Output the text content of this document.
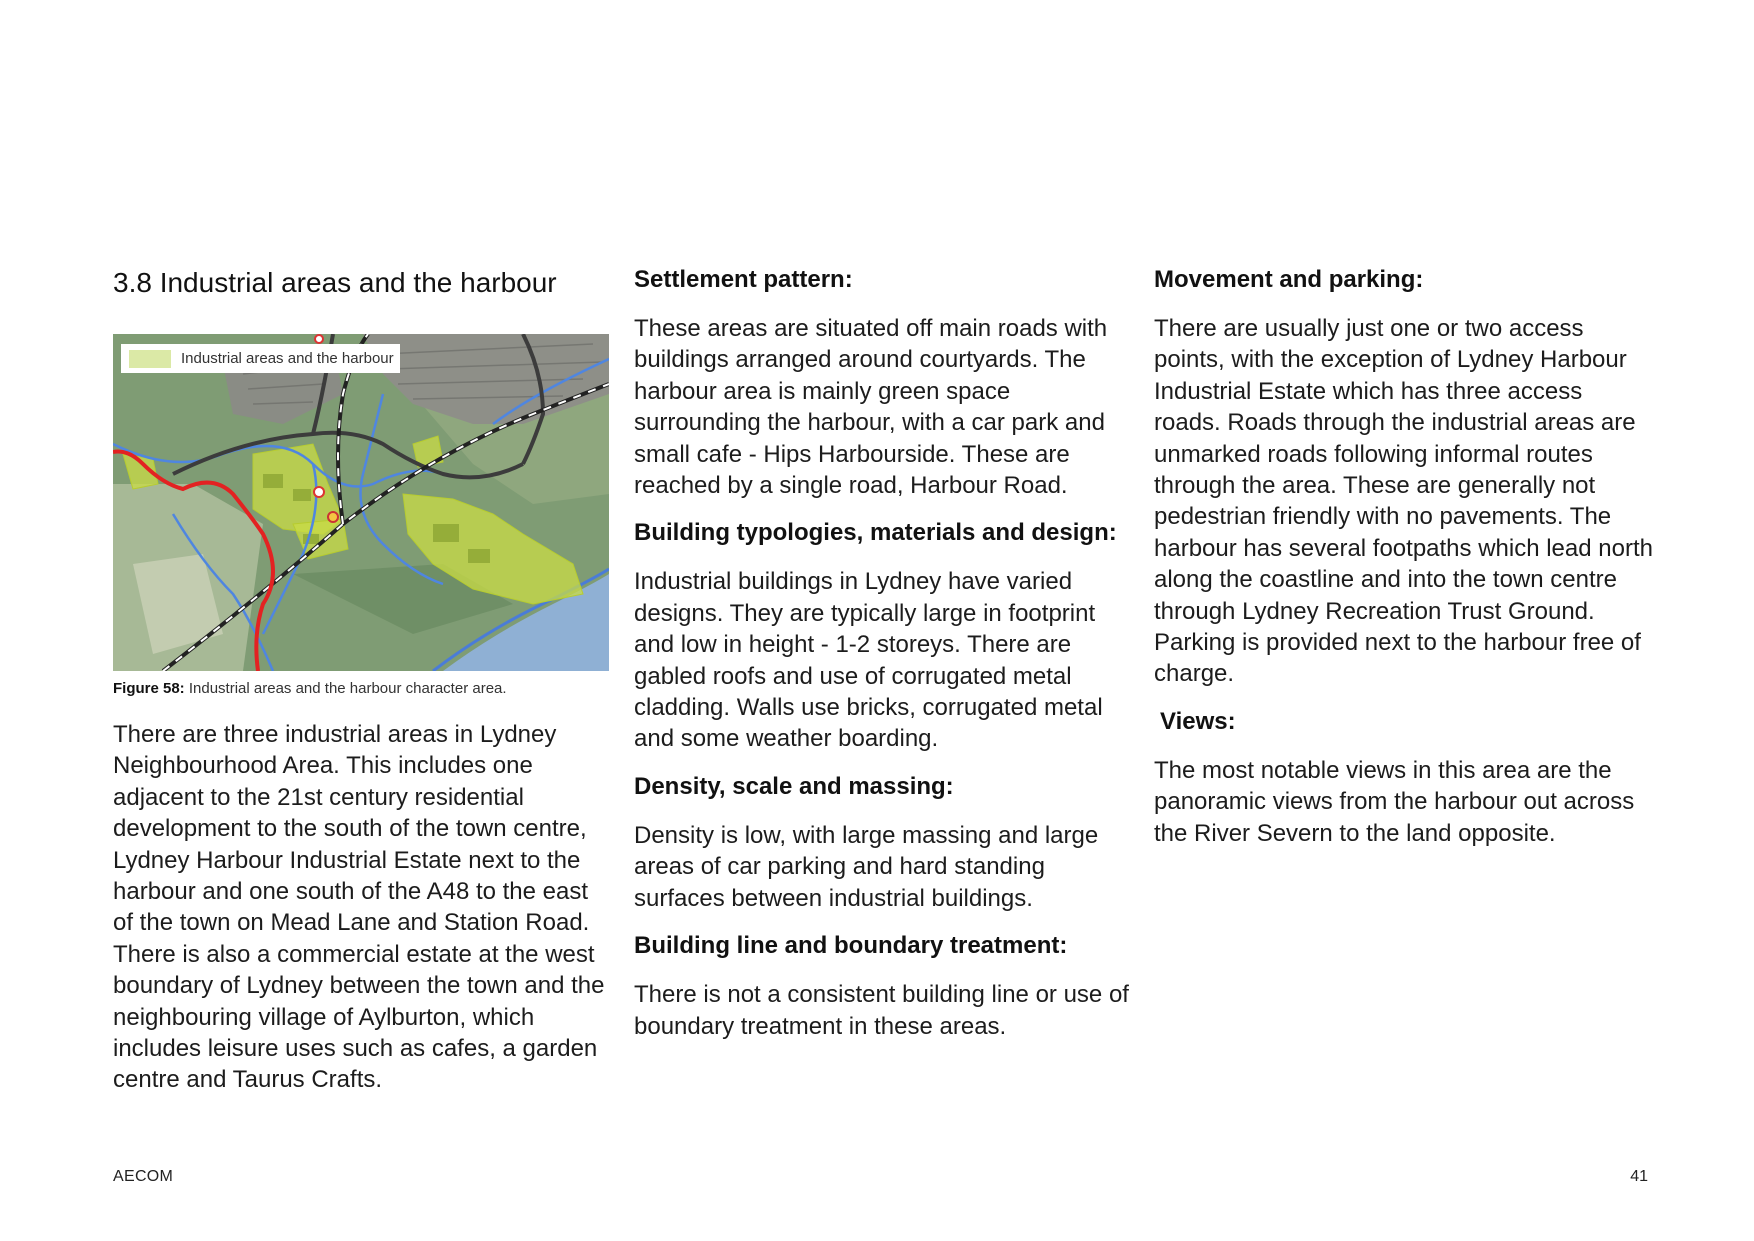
3.8 Industrial areas and the harbour
Industrial areas and the harbour
Figure 58: Industrial areas and the harbour character area.

There are three industrial areas in Lydney Neighbourhood Area. This includes one adjacent to the 21st century residential development to the south of the town centre, Lydney Harbour Industrial Estate next to the harbour and one south of the A48 to the east of the town on Mead Lane and Station Road. There is also a commercial estate at the west boundary of Lydney between the town and the neighbouring village of Aylburton, which includes leisure uses such as cafes, a garden centre and Taurus Crafts.

Settlement pattern:

These areas are situated off main roads with buildings arranged around courtyards. The harbour area is mainly green space surrounding the harbour, with a car park and small cafe - Hips Harbourside. These are reached by a single road, Harbour Road.

Building typologies, materials and design:

Industrial buildings in Lydney have varied designs. They are typically large in footprint and low in height - 1-2 storeys. There are gabled roofs and use of corrugated metal cladding. Walls use bricks, corrugated metal and some weather boarding.

Density, scale and massing:

Density is low, with large massing and large areas of car parking and hard standing surfaces between industrial buildings.

Building line and boundary treatment:

There is not a consistent building line or use of boundary treatment in these areas.

Movement and parking:

There are usually just one or two access points, with the exception of Lydney Harbour Industrial Estate which has three access roads. Roads through the industrial areas are unmarked roads following informal routes through the area. These are generally not pedestrian friendly with no pavements. The harbour has several footpaths which lead north along the coastline and into the town centre through Lydney Recreation Trust Ground. Parking is provided next to the harbour free of charge.

Views:

The most notable views in this area are the panoramic views from the harbour out across the River Severn to the land opposite.

AECOM	41
